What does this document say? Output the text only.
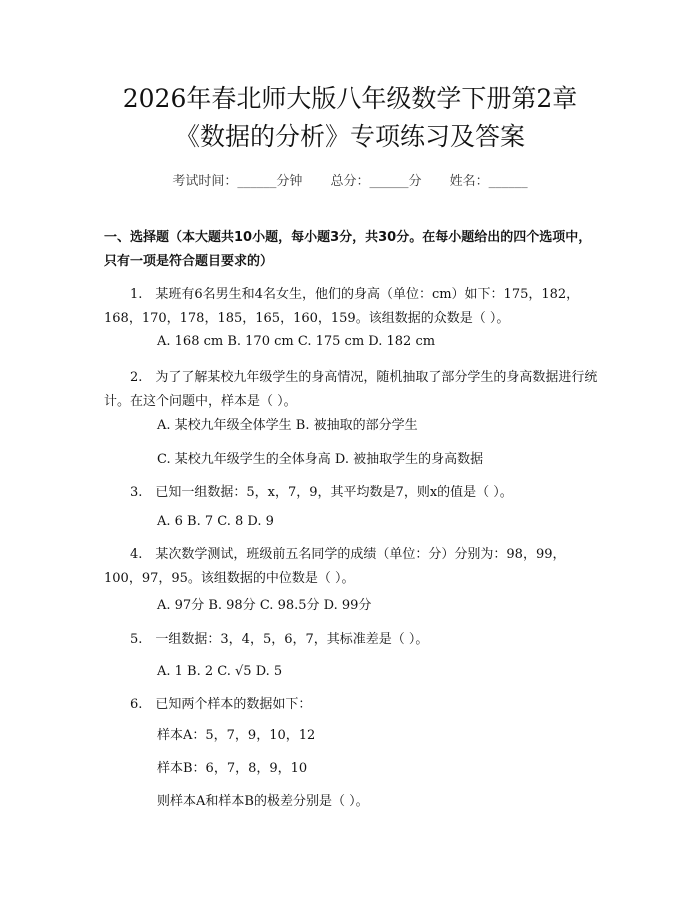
2026年春北师大版八年级数学下册第2章
《数据的分析》专项练习及答案
考试时间：______分钟 总分：______分 姓名：______
一、选择题（本大题共10小题，每小题3分，共30分。在每小题给出的四个选项中，只有一项是符合题目要求的）

1.　某班有6名男生和4名女生，他们的身高（单位：cm）如下：175，182，168，170，178，185，165，160，159。该组数据的众数是（ ）。

A. 168 cm B. 170 cm C. 175 cm D. 182 cm

2.　为了了解某校九年级学生的身高情况，随机抽取了部分学生的身高数据进行统计。在这个问题中，样本是（ ）。

A. 某校九年级全体学生 B. 被抽取的部分学生

C. 某校九年级学生的全体身高 D. 被抽取学生的身高数据

3.　已知一组数据：5，x，7，9，其平均数是7，则x的值是（ ）。

A. 6 B. 7 C. 8 D. 9

4.　某次数学测试，班级前五名同学的成绩（单位：分）分别为：98，99，100，97，95。该组数据的中位数是（ ）。

A. 97分 B. 98分 C. 98.5分 D. 99分

5.　一组数据：3，4，5，6，7，其标准差是（ ）。

A. 1 B. 2 C. √5 D. 5

6.　已知两个样本的数据如下：

样本A：5，7，9，10，12

样本B：6，7，8，9，10

则样本A和样本B的极差分别是（ ）。
